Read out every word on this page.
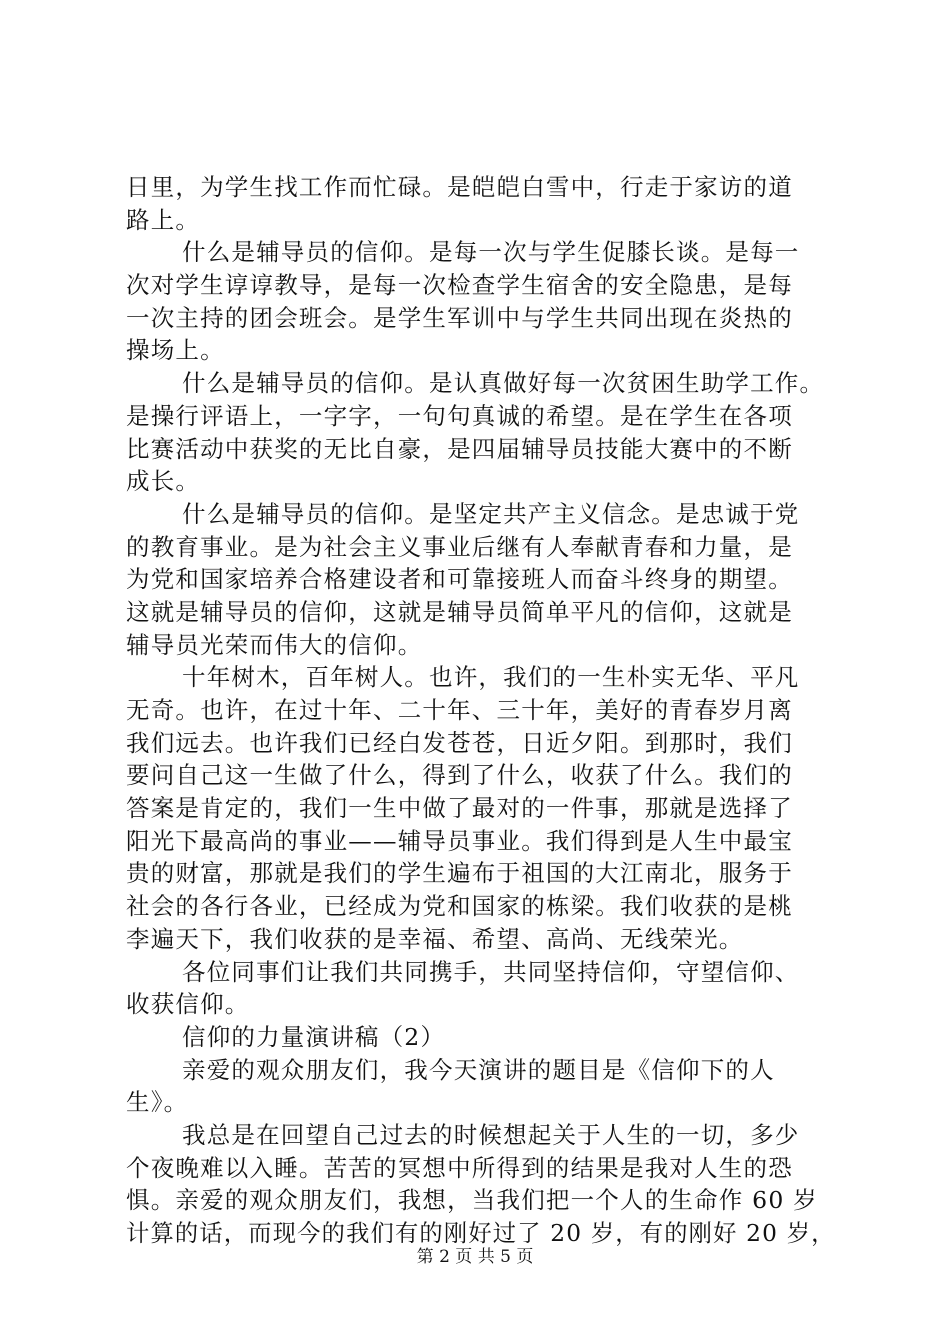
日里，为学生找工作而忙碌。是皑皑白雪中，行走于家访的道
路上。
什么是辅导员的信仰。是每一次与学生促膝长谈。是每一
次对学生谆谆教导，是每一次检查学生宿舍的安全隐患，是每
一次主持的团会班会。是学生军训中与学生共同出现在炎热的
操场上。
什么是辅导员的信仰。是认真做好每一次贫困生助学工作。
是操行评语上，一字字，一句句真诚的希望。是在学生在各项
比赛活动中获奖的无比自豪，是四届辅导员技能大赛中的不断
成长。
什么是辅导员的信仰。是坚定共产主义信念。是忠诚于党
的教育事业。是为社会主义事业后继有人奉献青春和力量，是
为党和国家培养合格建设者和可靠接班人而奋斗终身的期望。
这就是辅导员的信仰，这就是辅导员简单平凡的信仰，这就是
辅导员光荣而伟大的信仰。
十年树木，百年树人。也许，我们的一生朴实无华、平凡
无奇。也许，在过十年、二十年、三十年，美好的青春岁月离
我们远去。也许我们已经白发苍苍，日近夕阳。到那时，我们
要问自己这一生做了什么，得到了什么，收获了什么。我们的
答案是肯定的，我们一生中做了最对的一件事，那就是选择了
阳光下最高尚的事业——辅导员事业。我们得到是人生中最宝
贵的财富，那就是我们的学生遍布于祖国的大江南北，服务于
社会的各行各业，已经成为党和国家的栋梁。我们收获的是桃
李遍天下，我们收获的是幸福、希望、高尚、无线荣光。
各位同事们让我们共同携手，共同坚持信仰，守望信仰、
收获信仰。
信仰的力量演讲稿（2）
亲爱的观众朋友们，我今天演讲的题目是《信仰下的人
生》。
我总是在回望自己过去的时候想起关于人生的一切，多少
个夜晚难以入睡。苦苦的冥想中所得到的结果是我对人生的恐
惧。亲爱的观众朋友们，我想，当我们把一个人的生命作 60 岁
计算的话，而现今的我们有的刚好过了 20 岁，有的刚好 20 岁，
第 2 页 共 5 页
